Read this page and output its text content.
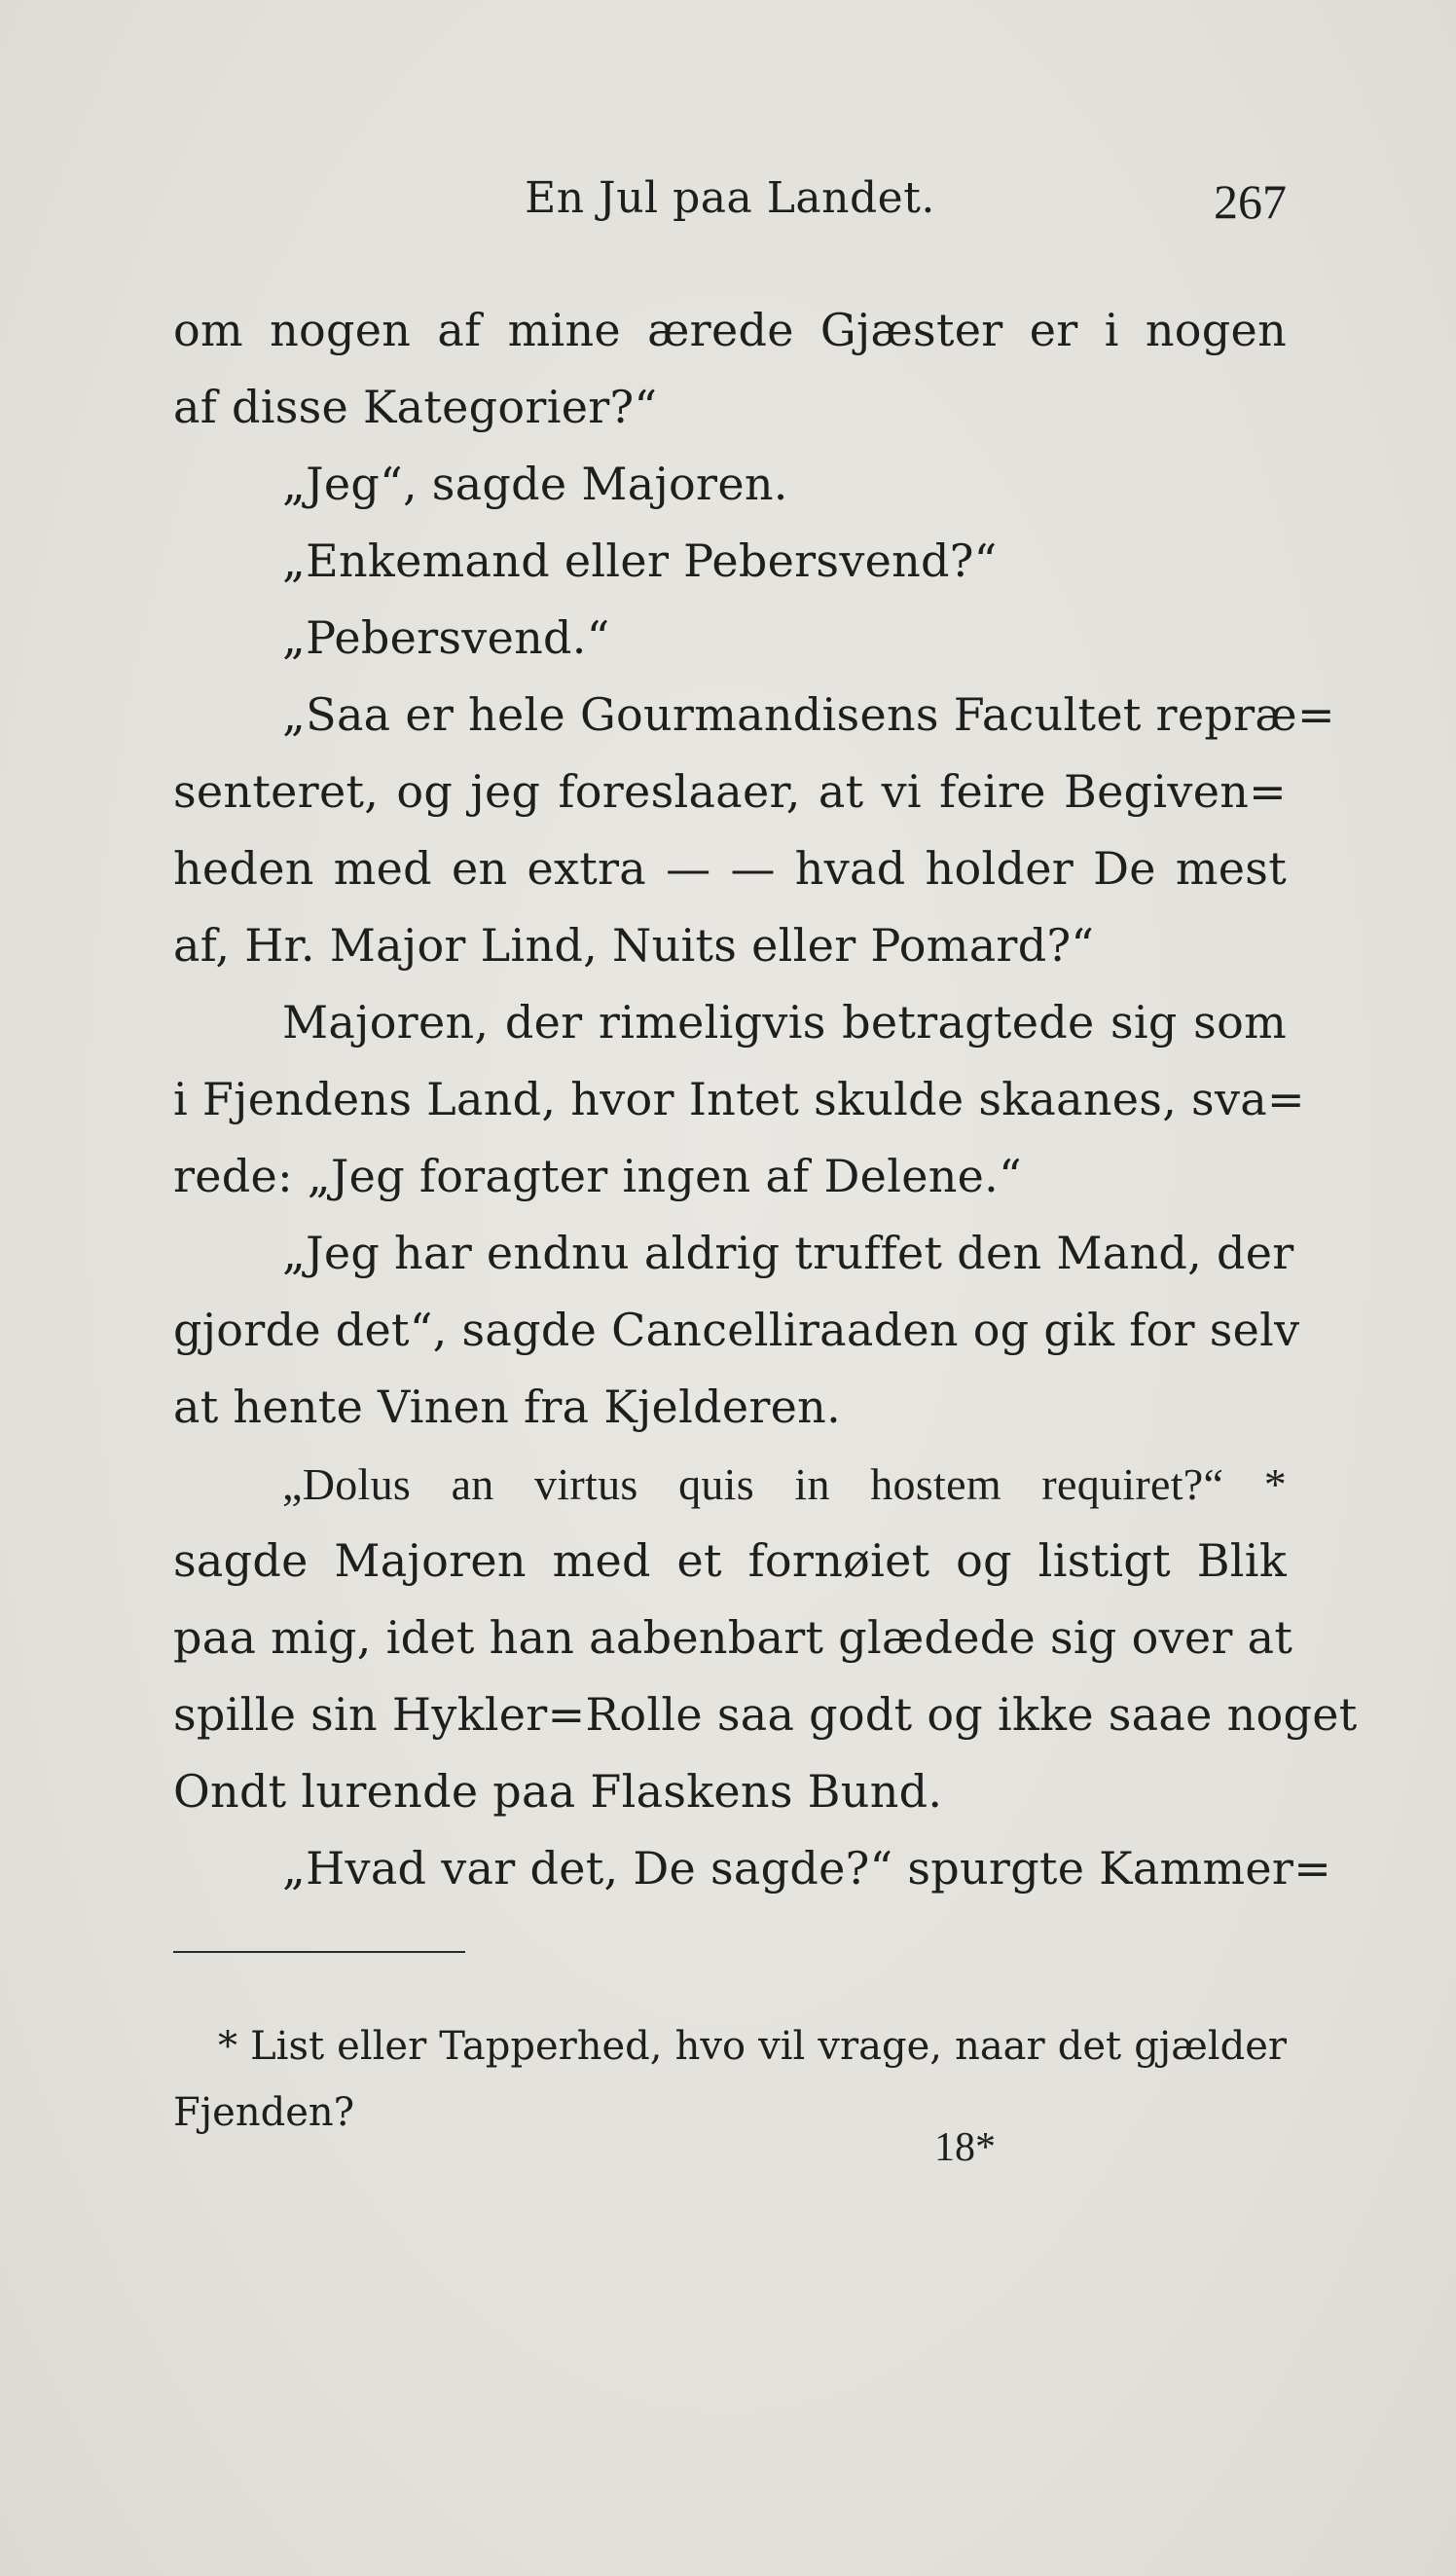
En Jul paa Landet.	267
om nogen af mine ærede Gjæster er i nogen
af disse Kategorier?“
„Jeg“, sagde Majoren.
„Enkemand eller Pebersvend?“
„Pebersvend.“
„Saa er hele Gourmandisens Facultet repræ=
senteret, og jeg foreslaaer, at vi feire Begiven=
heden med en extra — — hvad holder De mest
af, Hr. Major Lind, Nuits eller Pomard?“
Majoren, der rimeligvis betragtede sig som
i Fjendens Land, hvor Intet skulde skaanes, sva=
rede: „Jeg foragter ingen af Delene.“
„Jeg har endnu aldrig truffet den Mand, der
gjorde det“, sagde Cancelliraaden og gik for selv
at hente Vinen fra Kjelderen.
„Dolus an virtus quis in hostem requiret?“ *
sagde Majoren med et fornøiet og listigt Blik
paa mig, idet han aabenbart glædede sig over at
spille sin Hykler=Rolle saa godt og ikke saae noget
Ondt lurende paa Flaskens Bund.
„Hvad var det, De sagde?“ spurgte Kammer=
* List eller Tapperhed, hvo vil vrage, naar det gjælder
Fjenden?
18*
